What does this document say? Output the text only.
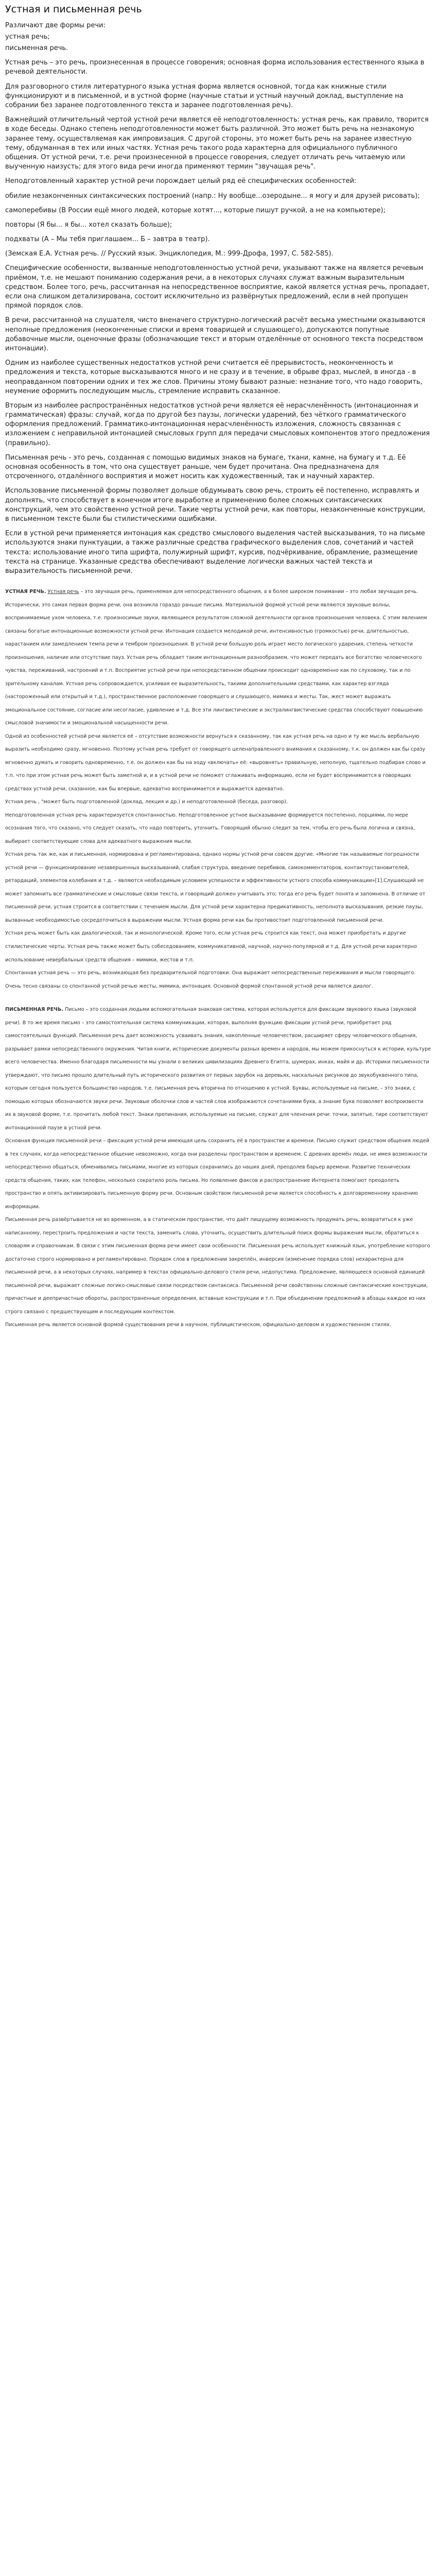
Устная и письменная речь

Различают две формы речи:

устная речь;

письменная речь.

Устная речь – это речь, произнесенная в процессе говорения; основная форма использования естественного языка в речевой деятельности.

Для разговорного стиля литературного языка устная форма является основной, тогда как книжные стили функционируют и в письменной, и в устной форме (научные статьи и устный научный доклад, выступление на собрании без заранее подготовленного текста и заранее подготовленная речь).

Важнейший отличительный чертой устной речи является её неподготовленность: устная речь, как правило, творится в ходе беседы. Однако степень неподготовленности может быть различной. Это может быть речь на незнакомую заранее тему, осуществляемая как импровизация. С другой стороны, это может быть речь на заранее известную тему, обдуманная в тех или иных частях. Устная речь такого рода характерна для официального публичного общения. От устной речи, т.е. речи произнесенной в процессе говорения, следует отличать речь читаемую или выученную наизусть; для этого вида речи иногда применяют термин "звучащая речь".

Неподготовленный характер устной речи порождает целый ряд её специфических особенностей:

обилие незаконченных синтаксических построений (напр.: Ну вообще...озеродыне... я могу и для друзей рисовать);

самоперебивы (В России ещё много людей, которые хотят..., которые пишут ручкой, а не на компьютере);

повторы (Я бы... я бы... хотел сказать больше);

подхваты (А – Мы тебя приглашаем... Б – завтра в театр).

(Земская Е.А. Устная речь. // Русский язык. Энциклопедия, М.: 999-Дрофа, 1997, С. 582-585).

Специфические особенности, вызванные неподготовленностью устной речи, указывают также на является речевым приёмом, т.е. не мешают пониманию содержания речи, а в некоторых случаях служат важным выразительным средством. Более того, речь, рассчитанная на непосредственное восприятие, какой является устная речь, пропадает, если она слишком детализирована, состоит исключительно из развёрнутых предложений, если в ней пропущен прямой порядок слов.

В речи, рассчитанной на слушателя, чисто вненачего структурно-логический расчёт весьма уместными оказываются неполные предложения (неоконченные списки и время товарищей и слушающего), допускаются попутные добавочные мысли, оценочные фразы (обозначающие текст и вторым отделённые от основного текста посредством интонации).

Одним из наиболее существенных недостатков устной речи считается её прерывистость, неоконченность и предложения и текста, которые высказываются много и не сразу и в течение, в обрыве фраз, мыслей, в иногда - в неоправданном повторении одних и тех же слов. Причины этому бывают разные: незнание того, что надо говорить, неумение оформить последующим мысль, стремление исправить сказанное.

Вторым из наиболее распространённых недостатков устной речи является её нерасчленённость (интонационная и грамматическая) фразы: случай, когда по другой без паузы, логически ударений, без чёткого грамматического оформления предложений. Грамматико-интонационная нерасчленённость изложения, сложность связанная с изложением с неправильной интонацией смысловых групп для передачи смысловых компонентов этого предложения (правильно).

Письменная речь - это речь, созданная с помощью видимых знаков на бумаге, ткани, камне, на бумагу и т.д. Её основная особенность в том, что она существует раньше, чем будет прочитана. Она предназначена для отсроченного, отдалённого восприятия и может носить как художественный, так и научный характер.

Использование письменной формы позволяет дольше обдумывать свою речь, строить её постепенно, исправлять и дополнять, что способствует в конечном итоге выработке и применению более сложных синтаксических конструкций, чем это свойственно устной речи. Такие черты устной речи, как повторы, незаконченные конструкции, в письменном тексте были бы стилистическими ошибками.

Если в устной речи применяется интонация как средство смыслового выделения частей высказывания, то на письме используются знаки пунктуации, а также различные средства графического выделения слов, сочетаний и частей текста: использование иного типа шрифта, полужирный шрифт, курсив, подчёркивание, обрамление, размещение текста на странице. Указанные средства обеспечивают выделение логически важных частей текста и выразительность письменной речи.

УСТНАЯ РЕЧЬ. Устная речь – это звучащая речь, применяемая для непосредственного общения, а в более широком понимании – это любая звучащая речь. Исторически, это самая первая форма речи, она возникла гораздо раньше письма. Материальной формой устной речи являются звуковые волны, воспринимаемые ухом человека, т.е. произносимые звуки, являющиеся результатом сложной деятельности органов произношения человека. С этим явлением связаны богатые интонационные возможности устной речи. Интонация создается мелодикой речи, интенсивностью (громкостью) речи, длительностью, нарастанием или замедлением темпа речи и тембром произношения. В устной речи большую роль играет место логического ударения, степень четкости произношения, наличие или отсутствие пауз. Устная речь обладает таким интонационным разнообразием, что может передать все богатство человеческого чувства, переживаний, настроений и т.п. Восприятие устной речи при непосредственном общении происходит одновременно как по слуховому, так и по зрительному каналам. Устная речь сопровождается, усиливая ее выразительность, такими дополнительными средствами, как характер взгляда (настороженный или открытый и т.д.), пространственное расположение говорящего и слушающего, мимика и жесты. Так, жест может выражать эмоциональное состояние, согласие или несогласие, удивление и т.д. Все эти лингвистические и экстралингвистические средства способствуют повышению смысловой значимости и эмоциональной насыщенности речи.

Одной из особенностей устной речи является её – отсутствие возможности вернуться к сказанному, так как устная речь на одно и ту же мысль вербальную выразить необходимо сразу, мгновенно. Поэтому устная речь требует от говорящего целенаправленного внимания к сказанному, т.к. он должен как бы сразу мгновенно думать и говорить одновременно, т.е. он должен как бы на ходу «включать» её: «выровнять» правильную, неполную, тщательно подбирая слово и т.п. что при этом устная речь может быть заметной и, и в устной речи не поможет сглаживать информацию, если не будет воспринимается в говорящих средствах устной речи, сказанное, как бы впервые, адекватно воспринимается и выражается адекватно.

Устная речь , "может быть подготовленной (доклад, лекция и др.) и неподготовленной (беседа, разговор).

Неподготовленная устная речь характеризуется спонтанностью. Неподготовленное устное высказывание формируется постепенно, порциями, по мере осознания того, что сказано, что следует сказать, что надо повторить, уточнить. Говорящий обычно следит за тем, чтобы его речь была логична и связна, выбирает соответствующие слова для адекватного выражения мысли.

Устная речь так же, как и письменная, нормирована и регламентирована, однако нормы устной речи совсем другие. «Многие так называемые погрешности устной речи — функционирование незавершенных высказываний, слабая структура, введение перебивов, самокомментаторов, контактоустановителей, ретардаций, элементов колебания и т.д. – являются необходимым условием успешности и эффективности устного способа коммуникации»[1].Слушающий не может запомнить все грамматические и смысловые связи текста, и говорящий должен учитывать это; тогда его речь будет понята и запомнена. В отличие от письменной речи, устная строится в соответствии с течением мысли. Для устной речи характерна предикативность, неполнота высказывания, резкие паузы, вызванные необходимостью сосредоточиться в выражении мысли. Устная форма речи как бы противостоит подготовленной письменной речи.

Устная речь может быть как диалогической, так и монологической. Кроме того, если устная речь строится как текст, она может приобретать и другие стилистические черты. Устная речь также может быть собеседованием, коммуникативной, научной, научно-популярной и т.д. Для устной речи характерно использование невербальных средств общения – мимики, жестов и т.п.

Спонтанная устная речь — это речь, возникающая без предварительной подготовки. Она выражает непосредственные переживания и мысли говорящего. Очень тесно связаны со спонтанной устной речью жесты, мимика, интонация. Основной формой спонтанной устной речи является диалог.

ПИСЬМЕННАЯ РЕЧЬ. Письмо – это созданная людьми вспомогательная знаковая система, которая используется для фиксации звукового языка (звуковой речи). В то же время письмо – это самостоятельная система коммуникации, которая, выполняя функцию фиксации устной речи, приобретает ряд самостоятельных функций. Письменная речь дает возможность усваивать знания, накопленные человечеством, расширяет сферу человеческого общения, разрывает рамки непосредственного окружения. Читая книги, исторические документы разных времен и народов, мы можем прикоснуться к истории, культуре всего человечества. Именно благодаря письменности мы узнали о великих цивилизациях Древнего Египта, шумерах, инках, майя и др. Историки письменности утверждают, что письмо прошло длительный путь исторического развития от первых зарубок на деревьях, наскальных рисунков до звукобуквенного типа, которым сегодня пользуется большинство народов, т.е. письменная речь вторична по отношению к устной. Буквы, используемые на письме, – это знаки, с помощью которых обозначаются звуки речи. Звуковые оболочки слов и частей слов изображаются сочетаниями букв, а знание букв позволяет воспроизвести их в звуковой форме, т.е. прочитать любой текст. Знаки препинания, используемые на письме, служат для членения речи: точки, запятые, тире соответствуют интонационной паузе в устной речи.

Основная функция письменной речи – фиксация устной речи имеющая цель сохранить её в пространстве и времени. Письмо служит средством общения людей в тех случаях, когда непосредственное общение невозможно, когда они разделены пространством и временем. С древних времён люди, не имея возможности непосредственно общаться, обменивались письмами, многие из которых сохранились до наших дней, преодолев барьер времени. Развитие технических средств общения, таких, как телефон, несколько сократило роль письма. Но появление факсов и распространение Интернета помогают преодолеть пространство и опять активизировать письменную форму речи. Основным свойством письменной речи является способность к долговременному хранению информации.

Письменная речь развёртывается не во временном, а в статическом пространстве, что даёт пишущему возможность продумать речь, возвратиться к уже написанному, перестроить предложения и части текста, заменить слова, уточнить, осуществить длительный поиск формы выражения мысли, обратиться к словарям и справочникам. В связи с этим письменная форма речи имеет свои особенности. Письменная речь использует книжный язык, употребление которого достаточно строго нормировано и регламентировано. Порядок слов в предложении закреплён, инверсия (изменение порядка слов) нехарактерна для письменной речи, а в некоторых случаях, например в текстах официально-делового стиля речи, недопустима. Предложение, являющееся основной единицей письменной речи, выражает сложные логико-смысловые связи посредством синтаксиса. Письменной речи свойственны сложные синтаксические конструкции, причастные и деепричастные обороты, распространенные определения, вставные конструкции и т.п. При объединении предложений в абзацы каждое из них строго связано с предшествующим и последующим контекстом.

Письменная речь является основной формой существования речи в научном, публицистическом, официально-деловом и художественном стилях.
